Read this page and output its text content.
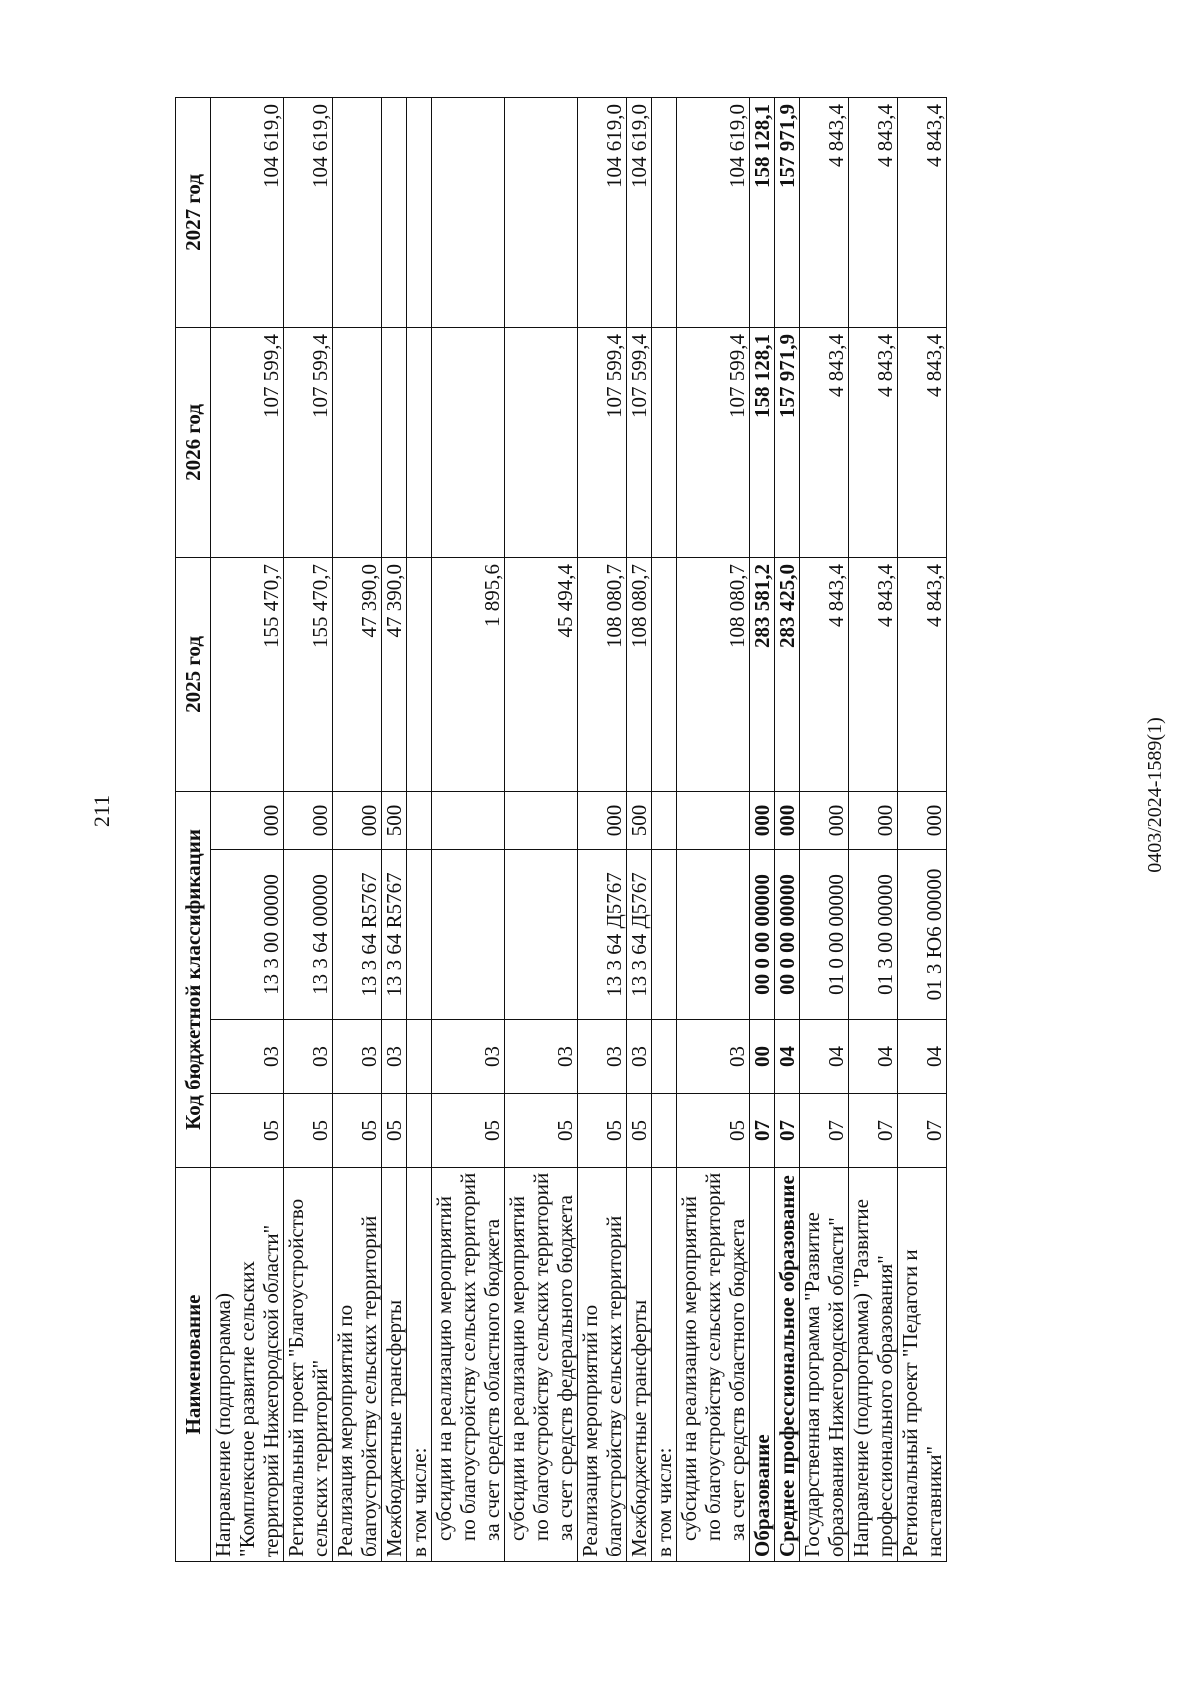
211
Наименование	Код бюджетной классификации				2025 год	2026 год	2027 год
Направление (подпрограмма) "Комплексное развитие сельских территорий Нижегородской области"	05	03	13 3 00 00000	000	155 470,7	107 599,4	104 619,0
Региональный проект "Благоустройство сельских территорий"	05	03	13 3 64 00000	000	155 470,7	107 599,4	104 619,0
Реализация мероприятий по благоустройству сельских территорий	05	03	13 3 64 R5767	000	47 390,0		
Межбюджетные трансферты	05	03	13 3 64 R5767	500	47 390,0		
в том числе:							
субсидии на реализацию мероприятий по благоустройству сельских территорий за счет средств областного бюджета	05	03			1 895,6		
субсидии на реализацию мероприятий по благоустройству сельских территорий за счет средств федерального бюджета	05	03			45 494,4		
Реализация мероприятий по благоустройству сельских территорий	05	03	13 3 64 Д5767	000	108 080,7	107 599,4	104 619,0
Межбюджетные трансферты	05	03	13 3 64 Д5767	500	108 080,7	107 599,4	104 619,0
в том числе:							
субсидии на реализацию мероприятий по благоустройству сельских территорий за счет средств областного бюджета	05	03			108 080,7	107 599,4	104 619,0
Образование	07	00	00 0 00 00000	000	283 581,2	158 128,1	158 128,1
Среднее профессиональное образование	07	04	00 0 00 00000	000	283 425,0	157 971,9	157 971,9
Государственная программа "Развитие образования Нижегородской области"	07	04	01 0 00 00000	000	4 843,4	4 843,4	4 843,4
Направление (подпрограмма) "Развитие профессионального образования"	07	04	01 3 00 00000	000	4 843,4	4 843,4	4 843,4
Региональный проект "Педагоги и наставники"	07	04	01 3 Ю6 00000	000	4 843,4	4 843,4	4 843,4
0403/2024-1589(1)
